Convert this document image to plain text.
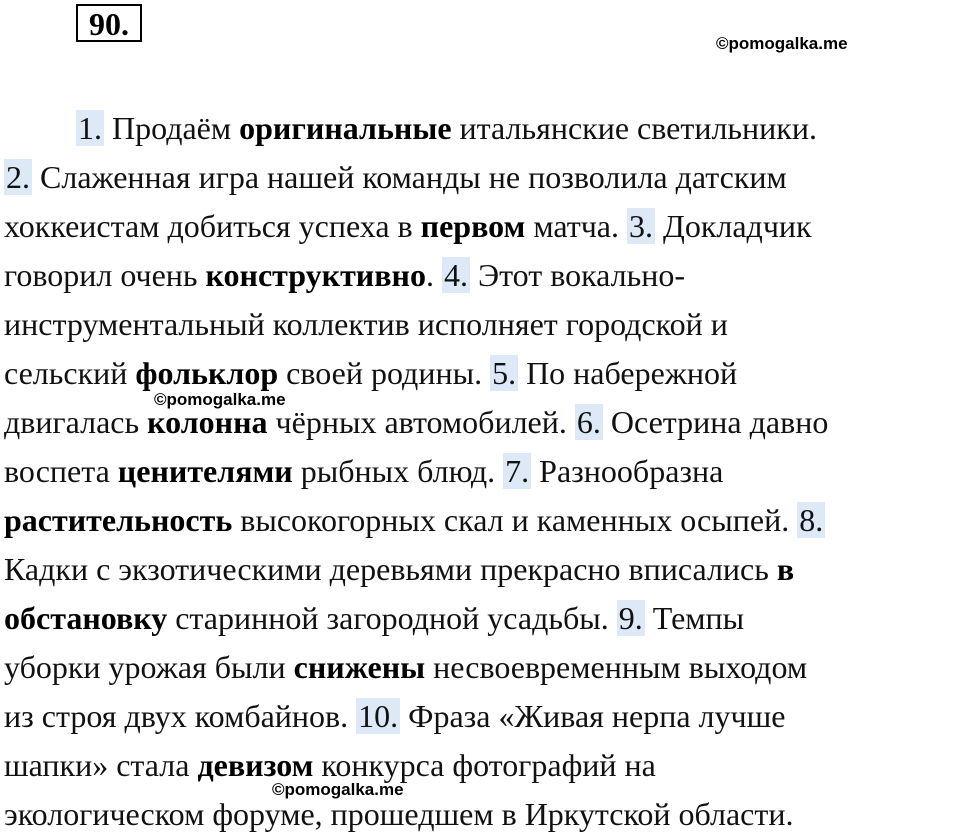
90.
©pomogalka.me
1. Продаём оригинальные итальянские светильники.
2. Слаженная игра нашей команды не позволила датским
хоккеистам добиться успеха в первом матча. 3. Докладчик
говорил очень конструктивно. 4. Этот вокально-
инструментальный коллектив исполняет городской и
сельский фольклор своей родины. 5. По набережной
двигалась колонна чёрных автомобилей. 6. Осетрина давно
воспета ценителями рыбных блюд. 7. Разнообразна
растительность высокогорных скал и каменных осыпей. 8.
Кадки с экзотическими деревьями прекрасно вписались в
обстановку старинной загородной усадьбы. 9. Темпы
уборки урожая были снижены несвоевременным выходом
из строя двух комбайнов. 10. Фраза «Живая нерпа лучше
шапки» стала девизом конкурса фотографий на
экологическом форуме, прошедшем в Иркутской области.
©pomogalka.me
©pomogalka.me
